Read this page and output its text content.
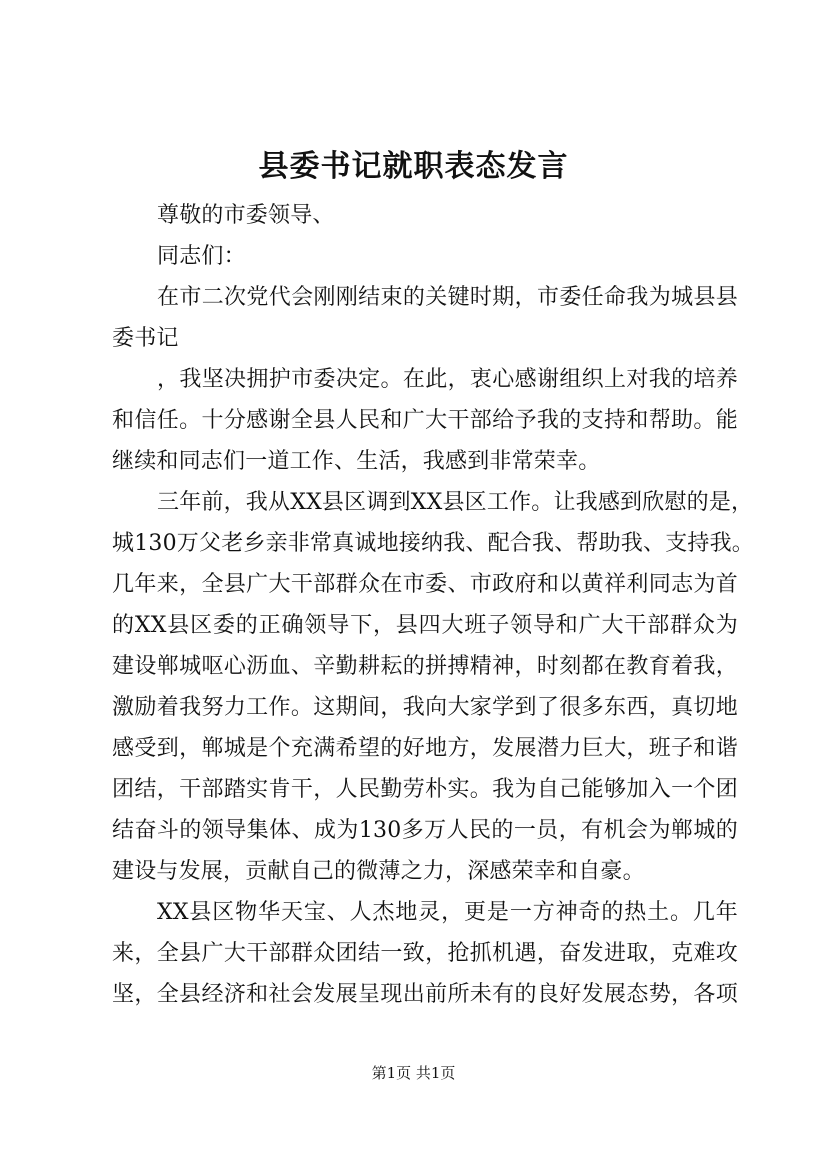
县委书记就职表态发言
尊敬的市委领导、
同志们：
在市二次党代会刚刚结束的关键时期，市委任命我为城县县
委书记
，我坚决拥护市委决定。在此，衷心感谢组织上对我的培养
和信任。十分感谢全县人民和广大干部给予我的支持和帮助。能
继续和同志们一道工作、生活，我感到非常荣幸。
三年前，我从XX县区调到XX县区工作。让我感到欣慰的是，
城130万父老乡亲非常真诚地接纳我、配合我、帮助我、支持我。
几年来，全县广大干部群众在市委、市政府和以黄祥利同志为首
的XX县区委的正确领导下，县四大班子领导和广大干部群众为
建设郸城呕心沥血、辛勤耕耘的拼搏精神，时刻都在教育着我，
激励着我努力工作。这期间，我向大家学到了很多东西，真切地
感受到，郸城是个充满希望的好地方，发展潜力巨大，班子和谐
团结，干部踏实肯干，人民勤劳朴实。我为自己能够加入一个团
结奋斗的领导集体、成为130多万人民的一员，有机会为郸城的
建设与发展，贡献自己的微薄之力，深感荣幸和自豪。
XX县区物华天宝、人杰地灵，更是一方神奇的热土。几年
来，全县广大干部群众团结一致，抢抓机遇，奋发进取，克难攻
坚，全县经济和社会发展呈现出前所未有的良好发展态势，各项
第1页 共1页
